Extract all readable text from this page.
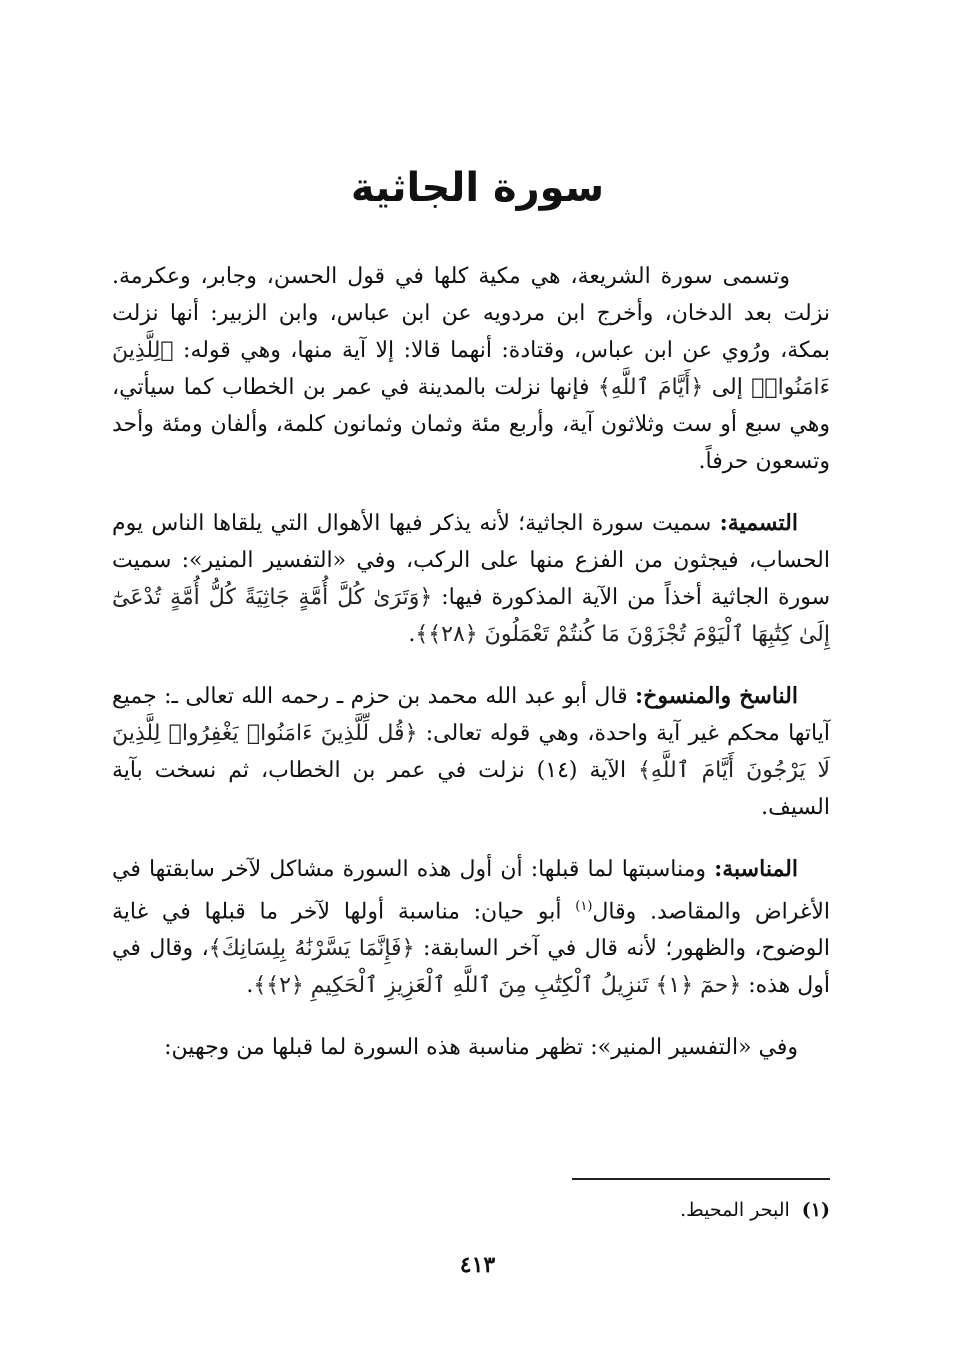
سورة الجاثية

وتسمى سورة الشريعة، هي مكية كلها في قول الحسن، وجابر، وعكرمة. نزلت بعد الدخان، وأخرج ابن مردويه عن ابن عباس، وابن الزبير: أنها نزلت بمكة، ورُوي عن ابن عباس، وقتادة: أنهما قالا: إلا آية منها، وهي قوله: ﴿لِلَّذِينَ ءَامَنُوا۟﴾ إلى ﴿أَيَّامَ ٱللَّهِ﴾ فإنها نزلت بالمدينة في عمر بن الخطاب كما سيأتي، وهي سبع أو ست وثلاثون آية، وأربع مئة وثمان وثمانون كلمة، وألفان ومئة وأحد وتسعون حرفاً.

التسمية: سميت سورة الجاثية؛ لأنه يذكر فيها الأهوال التي يلقاها الناس يوم الحساب، فيجثون من الفزع منها على الركب، وفي «التفسير المنير»: سميت سورة الجاثية أخذاً من الآية المذكورة فيها: ﴿وَتَرَىٰ كُلَّ أُمَّةٍ جَاثِيَةً كُلُّ أُمَّةٍ تُدْعَىٰٓ إِلَىٰ كِتَٰبِهَا ٱلْيَوْمَ تُجْزَوْنَ مَا كُنتُمْ تَعْمَلُونَ ﴿٢٨﴾﴾.

الناسخ والمنسوخ: قال أبو عبد الله محمد بن حزم ـ رحمه الله تعالى ـ: جميع آياتها محكم غير آية واحدة، وهي قوله تعالى: ﴿قُل لِّلَّذِينَ ءَامَنُوا۟ يَغْفِرُوا۟ لِلَّذِينَ لَا يَرْجُونَ أَيَّامَ ٱللَّهِ﴾ الآية (١٤) نزلت في عمر بن الخطاب، ثم نسخت بآية السيف.

المناسبة: ومناسبتها لما قبلها: أن أول هذه السورة مشاكل لآخر سابقتها في الأغراض والمقاصد. وقال$^{(١)}$ أبو حيان: مناسبة أولها لآخر ما قبلها في غاية الوضوح، والظهور؛ لأنه قال في آخر السابقة: ﴿فَإِنَّمَا يَسَّرْنَٰهُ بِلِسَانِكَ﴾، وقال في أول هذه: ﴿حمٓ ﴿١﴾ تَنزِيلُ ٱلْكِتَٰبِ مِنَ ٱللَّهِ ٱلْعَزِيزِ ٱلْحَكِيمِ ﴿٢﴾﴾.

وفي «التفسير المنير»: تظهر مناسبة هذه السورة لما قبلها من وجهين:

(١)البحر المحيط.
٤١٣
